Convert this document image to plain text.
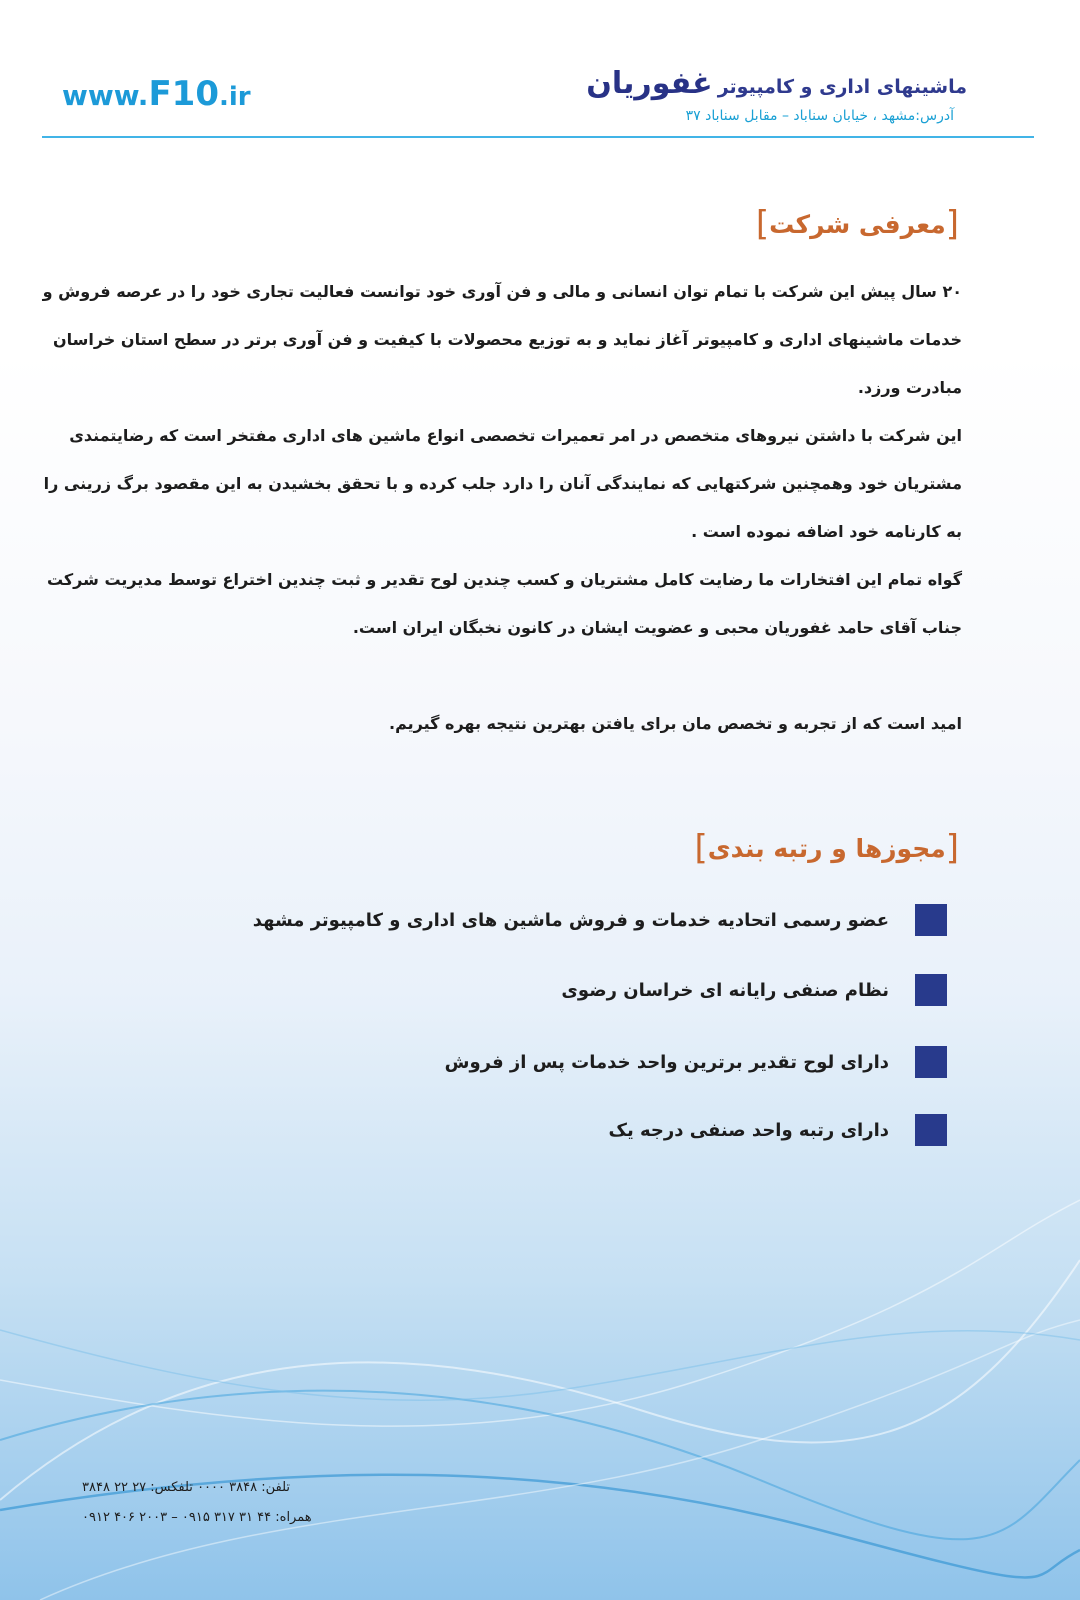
www.F10.ir	ماشینهای اداری و کامپیوتر غفوریان
آدرس:مشهد ، خیابان سناباد – مقابل سناباد ۳۷
[معرفی شرکت]
۲۰ سال پیش این شرکت با تمام توان انسانی و مالی و فن آوری خود توانست فعالیت تجاری خود را در عرصه فروش و
خدمات ماشینهای اداری و کامپیوتر آغاز نماید و به توزیع محصولات با کیفیت و فن آوری برتر در سطح استان خراسان
مبادرت ورزد.
این شرکت با داشتن نیروهای متخصص در امر تعمیرات تخصصی انواع ماشین های اداری مفتخر است که رضایتمندی
مشتریان خود وهمچنین شرکتهایی که نمایندگی آنان را دارد جلب کرده و با تحقق بخشیدن به این مقصود برگ زرینی را
به کارنامه خود اضافه نموده است .
گواه تمام این افتخارات ما رضایت کامل مشتریان و کسب چندین لوح تقدیر و ثبت چندین اختراع توسط مدیریت شرکت
جناب آقای حامد غفوریان محبی و عضویت ایشان در کانون نخبگان ایران است.
امید است که از تجربه و تخصص مان برای یافتن بهترین نتیجه بهره گیریم.
[مجوزها و رتبه بندی]
عضو رسمی اتحادیه خدمات و فروش ماشین های اداری و کامپیوتر مشهد
نظام صنفی رایانه ای خراسان رضوی
دارای لوح تقدیر برترین واحد خدمات پس از فروش
دارای رتبه واحد صنفی درجه یک
تلفن: ۳۸۴۸ ۰۰۰۰ تلفکس: ۲۷ ۲۲ ۳۸۴۸
همراه: ۴۴ ۳۱ ۳۱۷ ۰۹۱۵ – ۲۰۰۳ ۴۰۶ ۰۹۱۲
